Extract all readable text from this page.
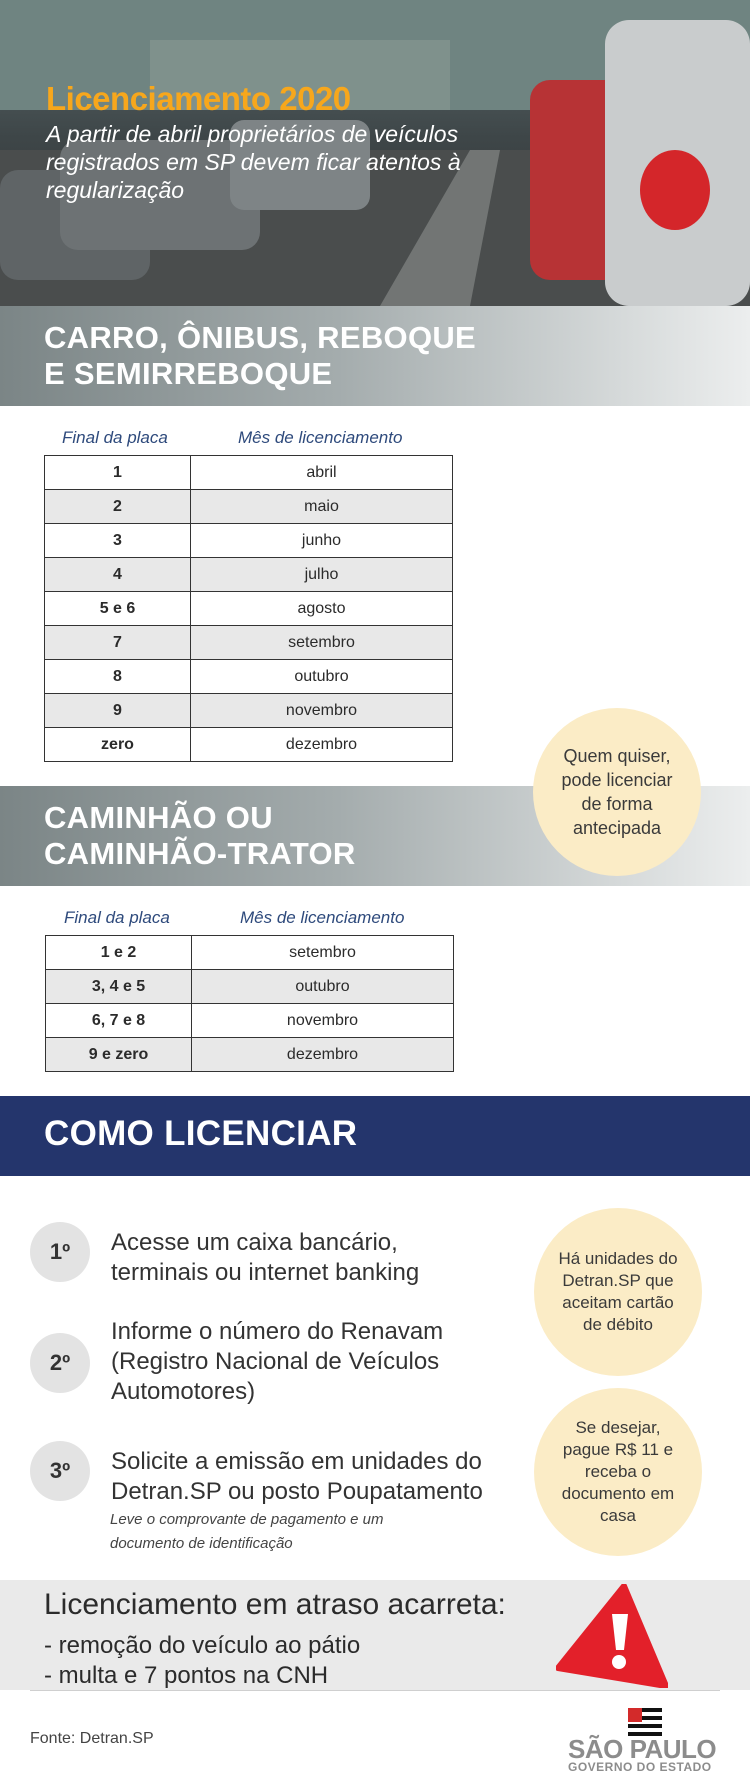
Licenciamento 2020
A partir de abril proprietários de veículos registrados em SP devem ficar atentos à regularização
CARRO, ÔNIBUS, REBOQUE
E SEMIRREBOQUE
Final da placa	Mês de licenciamento
1	abril
2	maio
3	junho
4	julho
5 e 6	agosto
7	setembro
8	outubro
9	novembro
zero	dezembro
CAMINHÃO OU
CAMINHÃO-TRATOR
Quem quiser, pode licenciar de forma antecipada
Final da placa	Mês de licenciamento
1 e 2	setembro
3, 4 e 5	outubro
6, 7 e 8	novembro
9 e zero	dezembro
COMO LICENCIAR
1º	Acesse um caixa bancário,
terminais ou internet banking
2º
Informe o número do Renavam
(Registro Nacional de Veículos
Automotores)
3º	Solicite a emissão em unidades do
Detran.SP ou posto Poupatamento
Leve o comprovante de pagamento e um
documento de identificação
Há unidades do Detran.SP que aceitam cartão de débito
Se desejar, pague R$ 11 e receba o documento em casa
Licenciamento em atraso acarreta:
- remoção do veículo ao pátio
- multa e 7 pontos na CNH
Fonte: Detran.SP	SÃO PAULO
GOVERNO DO ESTADO
